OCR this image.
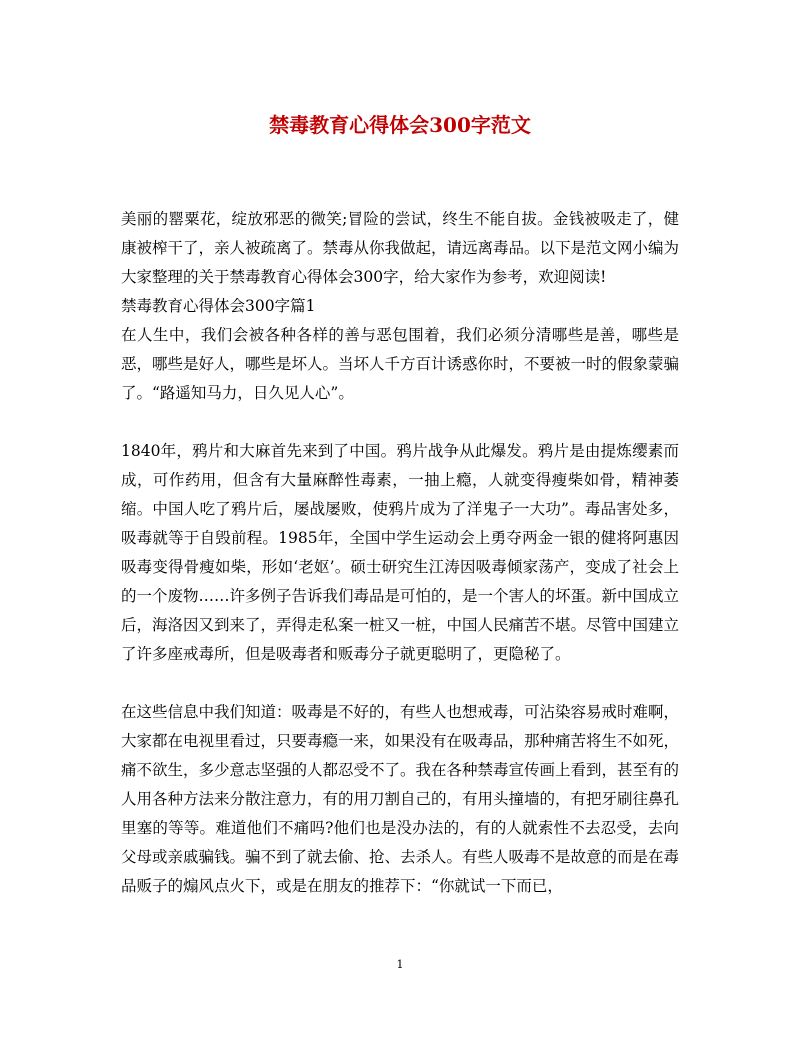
禁毒教育心得体会300字范文

美丽的罂粟花，绽放邪恶的微笑;冒险的尝试，终生不能自拔。金钱被吸走了，健康被榨干了，亲人被疏离了。禁毒从你我做起，请远离毒品。以下是范文网小编为大家整理的关于禁毒教育心得体会300字，给大家作为参考，欢迎阅读!

禁毒教育心得体会300字篇1

在人生中，我们会被各种各样的善与恶包围着，我们必须分清哪些是善，哪些是恶，哪些是好人，哪些是坏人。当坏人千方百计诱惑你时，不要被一时的假象蒙骗了。“路遥知马力，日久见人心”。

1840年，鸦片和大麻首先来到了中国。鸦片战争从此爆发。鸦片是由提炼缨素而成，可作药用，但含有大量麻醉性毒素，一抽上瘾，人就变得瘦柴如骨，精神萎缩。中国人吃了鸦片后，屡战屡败，使鸦片成为了洋鬼子一大功”。毒品害处多，吸毒就等于自毁前程。1985年，全国中学生运动会上勇夺两金一银的健将阿惠因吸毒变得骨瘦如柴，形如‘老妪’。硕士研究生江涛因吸毒倾家荡产，变成了社会上的一个废物……许多例子告诉我们毒品是可怕的，是一个害人的坏蛋。新中国成立后，海洛因又到来了，弄得走私案一桩又一桩，中国人民痛苦不堪。尽管中国建立了许多座戒毒所，但是吸毒者和贩毒分子就更聪明了，更隐秘了。

在这些信息中我们知道：吸毒是不好的，有些人也想戒毒，可沾染容易戒时难啊，大家都在电视里看过，只要毒瘾一来，如果没有在吸毒品，那种痛苦将生不如死，痛不欲生，多少意志坚强的人都忍受不了。我在各种禁毒宣传画上看到，甚至有的人用各种方法来分散注意力，有的用刀割自己的，有用头撞墙的，有把牙刷往鼻孔里塞的等等。难道他们不痛吗?他们也是没办法的，有的人就索性不去忍受，去向父母或亲戚骗钱。骗不到了就去偷、抢、去杀人。有些人吸毒不是故意的而是在毒品贩子的煽风点火下，或是在朋友的推荐下：“你就试一下而已，

1
